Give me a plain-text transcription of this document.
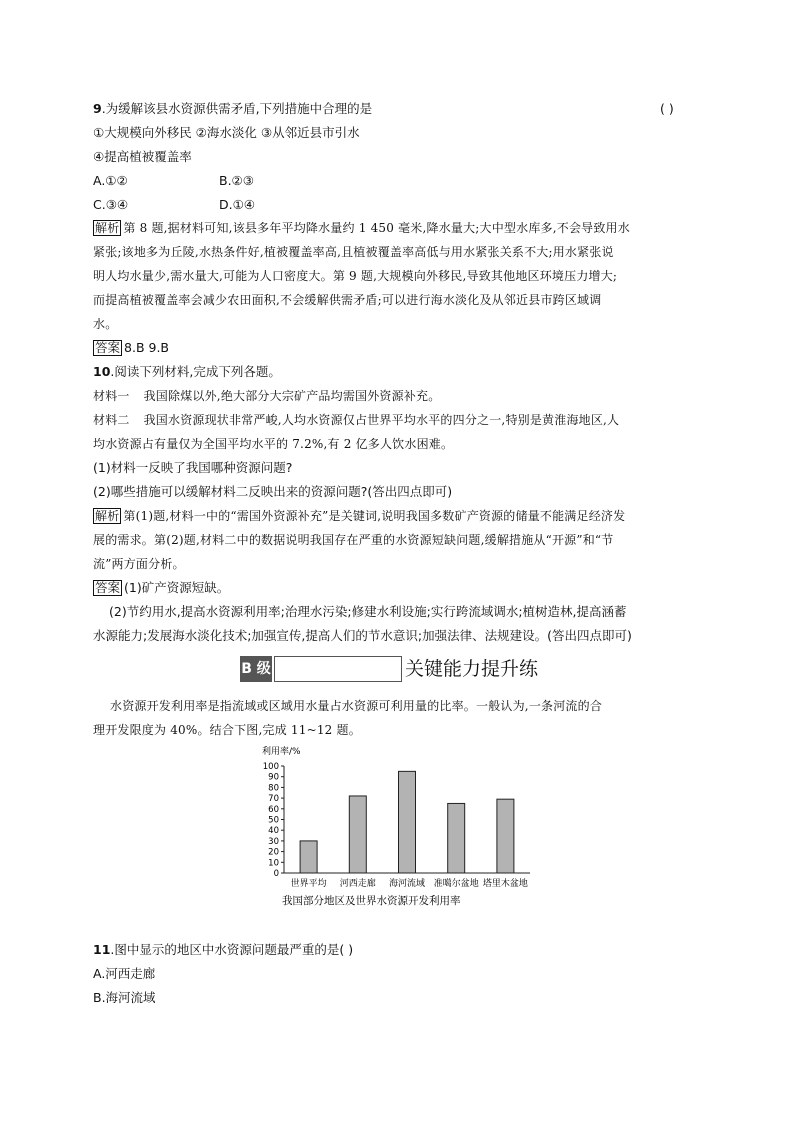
9.为缓解该县水资源供需矛盾,下列措施中合理的是	( )
①大规模向外移民 ②海水淡化 ③从邻近县市引水
④提高植被覆盖率
A.①②	B.②③
C.③④	D.①④
解析 第 8 题,据材料可知,该县多年平均降水量约 1 450 毫米,降水量大;大中型水库多,不会导致用水
紧张;该地多为丘陵,水热条件好,植被覆盖率高,且植被覆盖率高低与用水紧张关系不大;用水紧张说
明人均水量少,需水量大,可能为人口密度大。第 9 题,大规模向外移民,导致其他地区环境压力增大;
而提高植被覆盖率会减少农田面积,不会缓解供需矛盾;可以进行海水淡化及从邻近县市跨区域调
水。
答案 8.B 9.B
10.阅读下列材料,完成下列各题。
材料一 我国除煤以外,绝大部分大宗矿产品均需国外资源补充。
材料二 我国水资源现状非常严峻,人均水资源仅占世界平均水平的四分之一,特别是黄淮海地区,人
均水资源占有量仅为全国平均水平的 7.2%,有 2 亿多人饮水困难。
(1)材料一反映了我国哪种资源问题?
(2)哪些措施可以缓解材料二反映出来的资源问题?(答出四点即可)
解析 第(1)题,材料一中的“需国外资源补充”是关键词,说明我国多数矿产资源的储量不能满足经济发
展的需求。第(2)题,材料二中的数据说明我国存在严重的水资源短缺问题,缓解措施从“开源”和“节
流”两方面分析。
答案 (1)矿产资源短缺。
(2)节约用水,提高水资源利用率;治理水污染;修建水利设施;实行跨流域调水;植树造林,提高涵蓄
水源能力;发展海水淡化技术;加强宣传,提高人们的节水意识;加强法律、法规建设。(答出四点即可)
B 级	关键能力提升练
水资源开发利用率是指流域或区域用水量占水资源可利用量的比率。一般认为,一条河流的合
理开发限度为 40%。结合下图,完成 11~12 题。
利用率/%
0
10
20
30
40
50
60
70
80
90
100
世界平均 河西走廊 海河流域 准噶尔盆地 塔里木盆地
我国部分地区及世界水资源开发利用率
11.图中显示的地区中水资源问题最严重的是( )
A.河西走廊
B.海河流域
